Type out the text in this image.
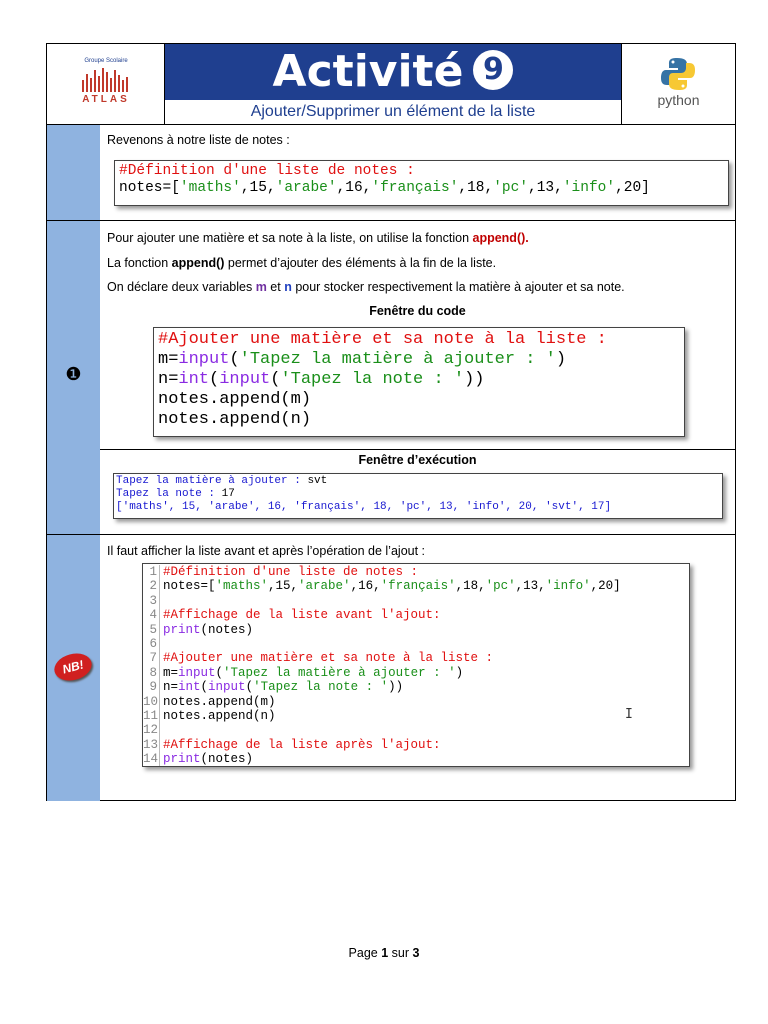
Groupe Scolaire
ATLAS
Activité 9
Ajouter/Supprimer un élément de la liste
python
Revenons à notre liste de notes :
#Définition d'une liste de notes :
notes=['maths',15,'arabe',16,'français',18,'pc',13,'info',20]
❶
Pour ajouter une matière et sa note à la liste, on utilise la fonction append().
La fonction append() permet d’ajouter des éléments à la fin de la liste.
On déclare deux variables m et n pour stocker respectivement la matière à ajouter et sa note.
Fenêtre du code
#Ajouter une matière et sa note à la liste :
m=input('Tapez la matière à ajouter : ')
n=int(input('Tapez la note : '))
notes.append(m)
notes.append(n)
Fenêtre d’exécution
Tapez la matière à ajouter : svt
Tapez la note : 17
['maths', 15, 'arabe', 16, 'français', 18, 'pc', 13, 'info', 20, 'svt', 17]
NB!
Il faut afficher la liste avant et après l’opération de l’ajout :
1 #Définition d'une liste de notes :
2 notes=['maths',15,'arabe',16,'français',18,'pc',13,'info',20]
3
4 #Affichage de la liste avant l'ajout:
5 print(notes)
6
7 #Ajouter une matière et sa note à la liste :
8 m=input('Tapez la matière à ajouter : ')
9 n=int(input('Tapez la note : '))
10 notes.append(m)
11 notes.append(n)
12
13 #Affichage de la liste après l'ajout:
14 print(notes)
I
Page 1 sur 3
